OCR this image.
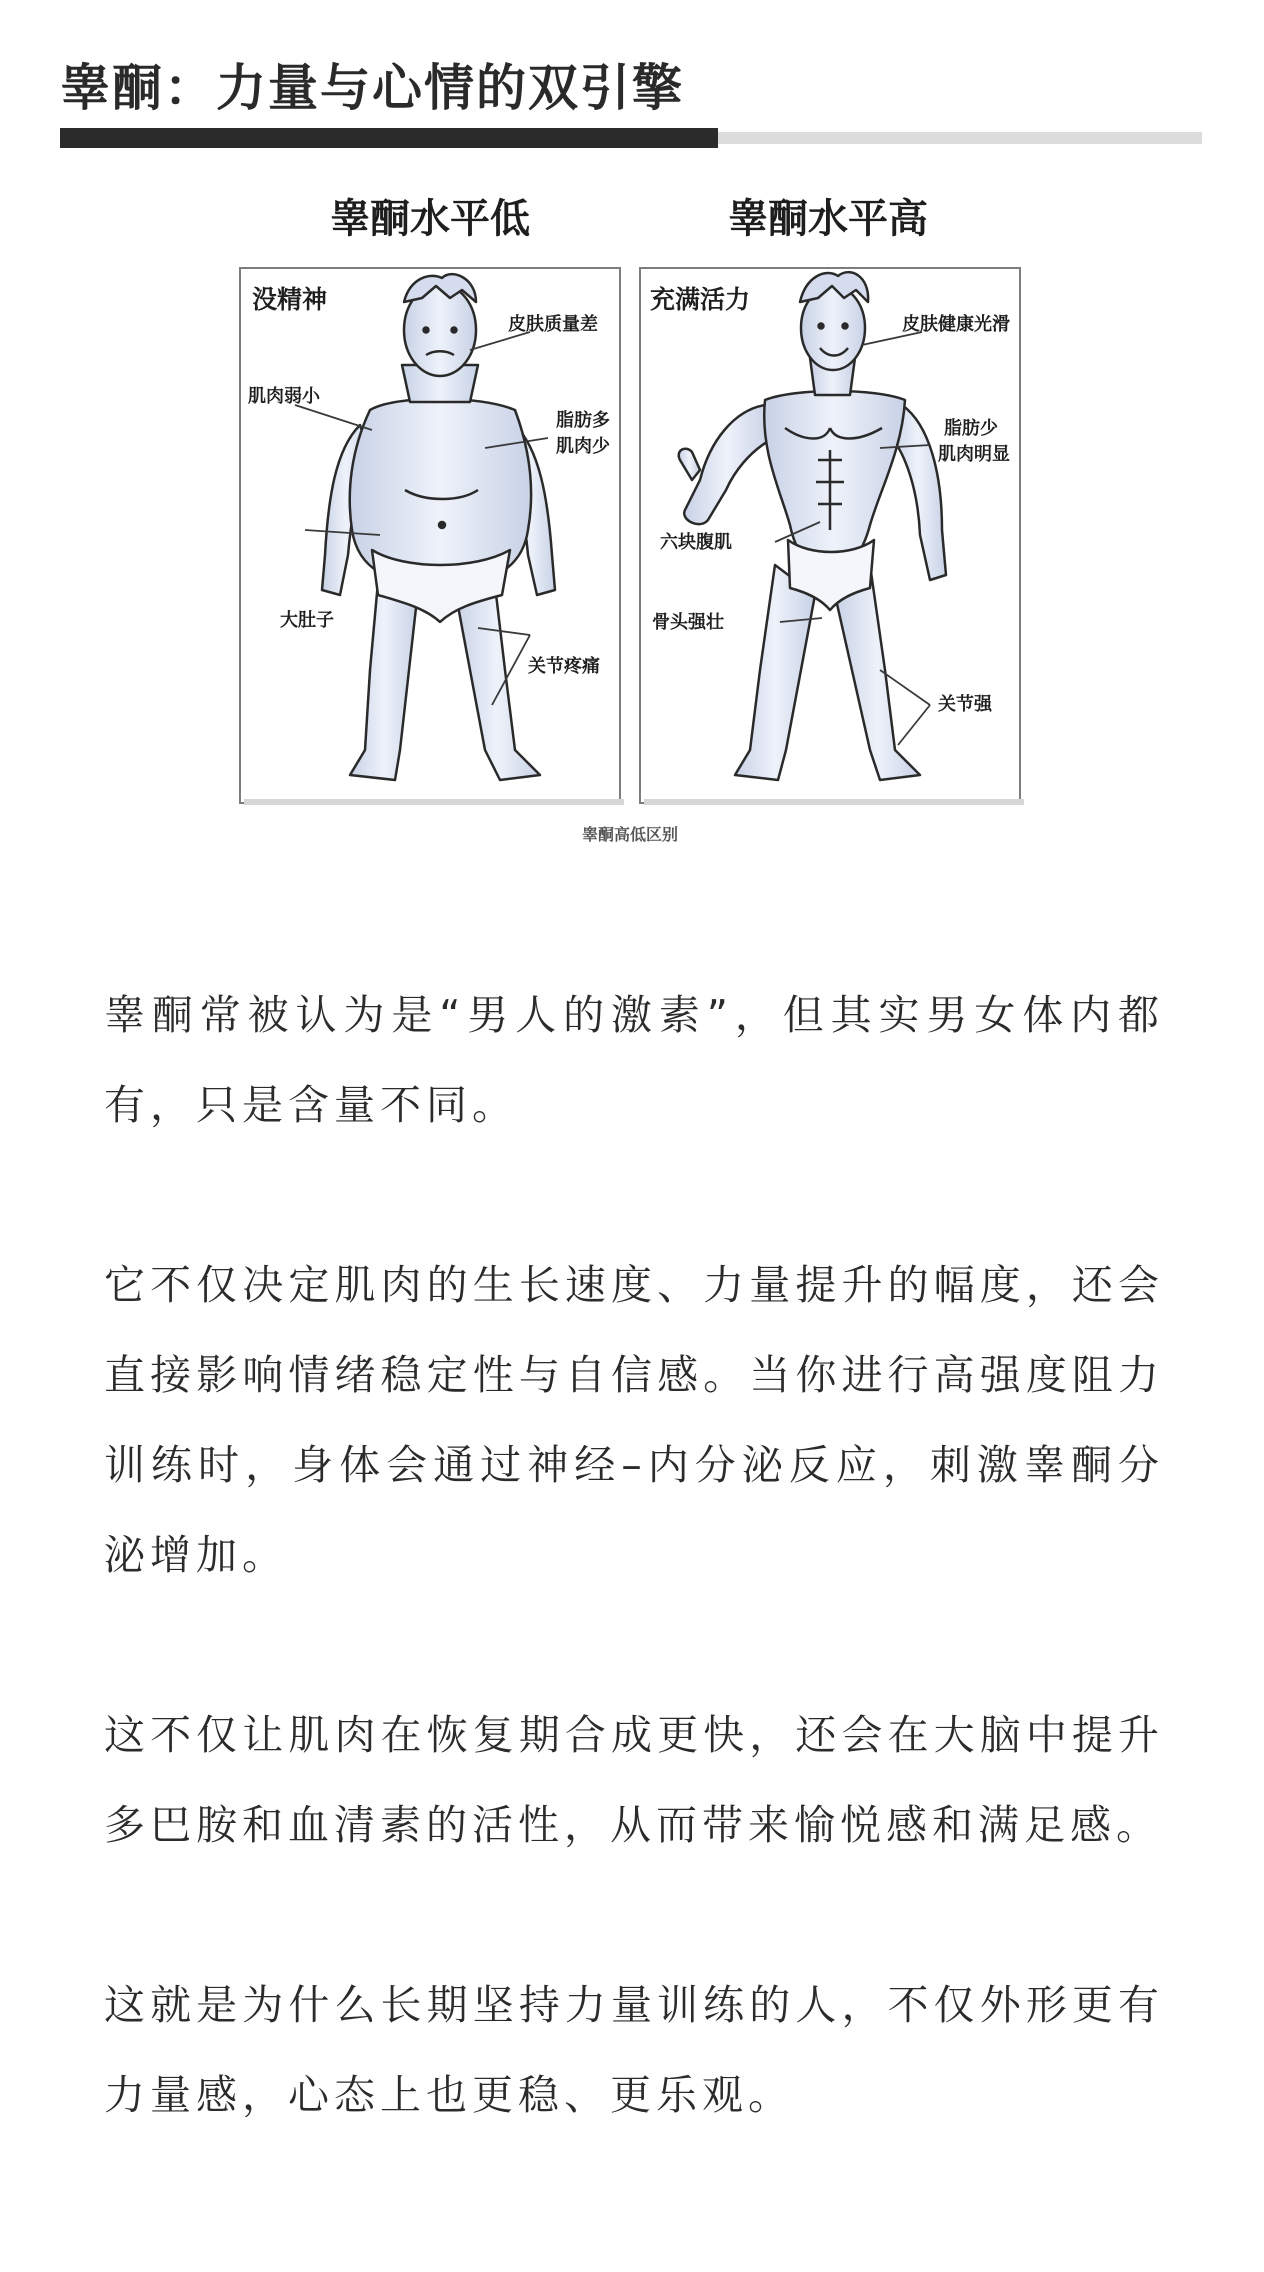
睾酮：力量与心情的双引擎
睾酮水平低	睾酮水平高
没精神	充满活力
皮肤质量差
肌肉弱小
脂肪多
肌肉少
大肚子
关节疼痛
皮肤健康光滑
脂肪少
肌肉明显
六块腹肌
骨头强壮
关节强
睾酮高低区别

睾酮常被认为是“男人的激素”，但其实男女体内都有，只是含量不同。

它不仅决定肌肉的生长速度、力量提升的幅度，还会直接影响情绪稳定性与自信感。当你进行高强度阻力训练时，身体会通过神经–内分泌反应，刺激睾酮分泌增加。

这不仅让肌肉在恢复期合成更快，还会在大脑中提升多巴胺和血清素的活性，从而带来愉悦感和满足感。

这就是为什么长期坚持力量训练的人，不仅外形更有力量感，心态上也更稳、更乐观。
